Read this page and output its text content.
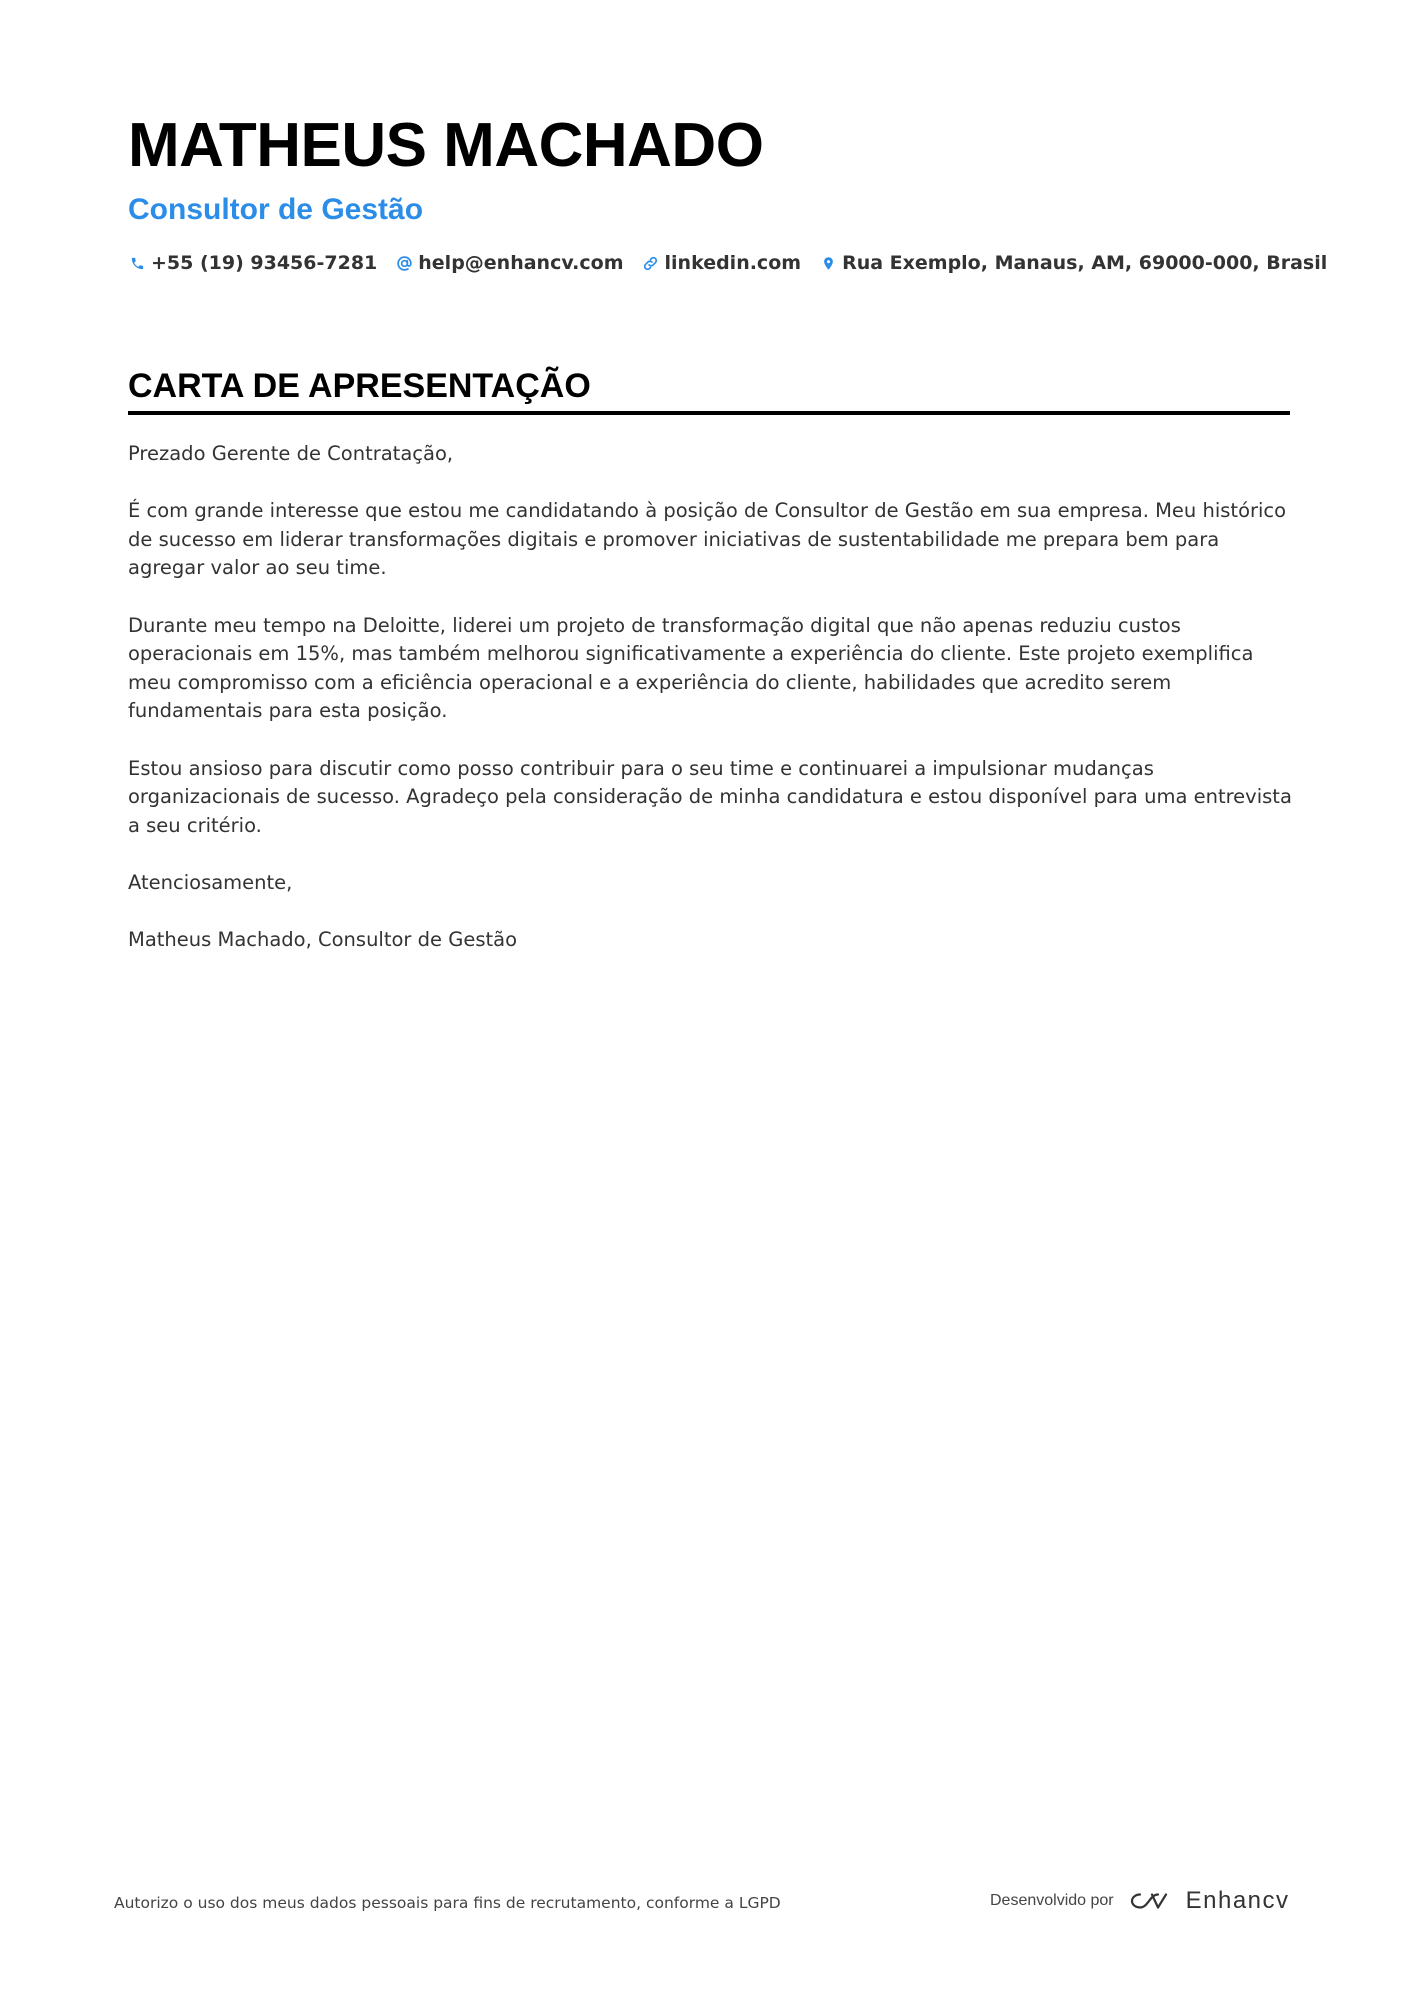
MATHEUS MACHADO
Consultor de Gestão
+55 (19) 93456-7281 help@enhancv.com linkedin.com Rua Exemplo, Manaus, AM, 69000-000, Brasil
CARTA DE APRESENTAÇÃO

Prezado Gerente de Contratação,

É com grande interesse que estou me candidatando à posição de Consultor de Gestão em sua empresa. Meu histórico de sucesso em liderar transformações digitais e promover iniciativas de sustentabilidade me prepara bem para agregar valor ao seu time.

Durante meu tempo na Deloitte, liderei um projeto de transformação digital que não apenas reduziu custos operacionais em 15%, mas também melhorou significativamente a experiência do cliente. Este projeto exemplifica meu compromisso com a eficiência operacional e a experiência do cliente, habilidades que acredito serem fundamentais para esta posição.

Estou ansioso para discutir como posso contribuir para o seu time e continuarei a impulsionar mudanças organizacionais de sucesso. Agradeço pela consideração de minha candidatura e estou disponível para uma entrevista a seu critério.

Atenciosamente,

Matheus Machado, Consultor de Gestão

Autorizo o uso dos meus dados pessoais para fins de recrutamento, conforme a LGPD	Desenvolvido por	Enhancv
